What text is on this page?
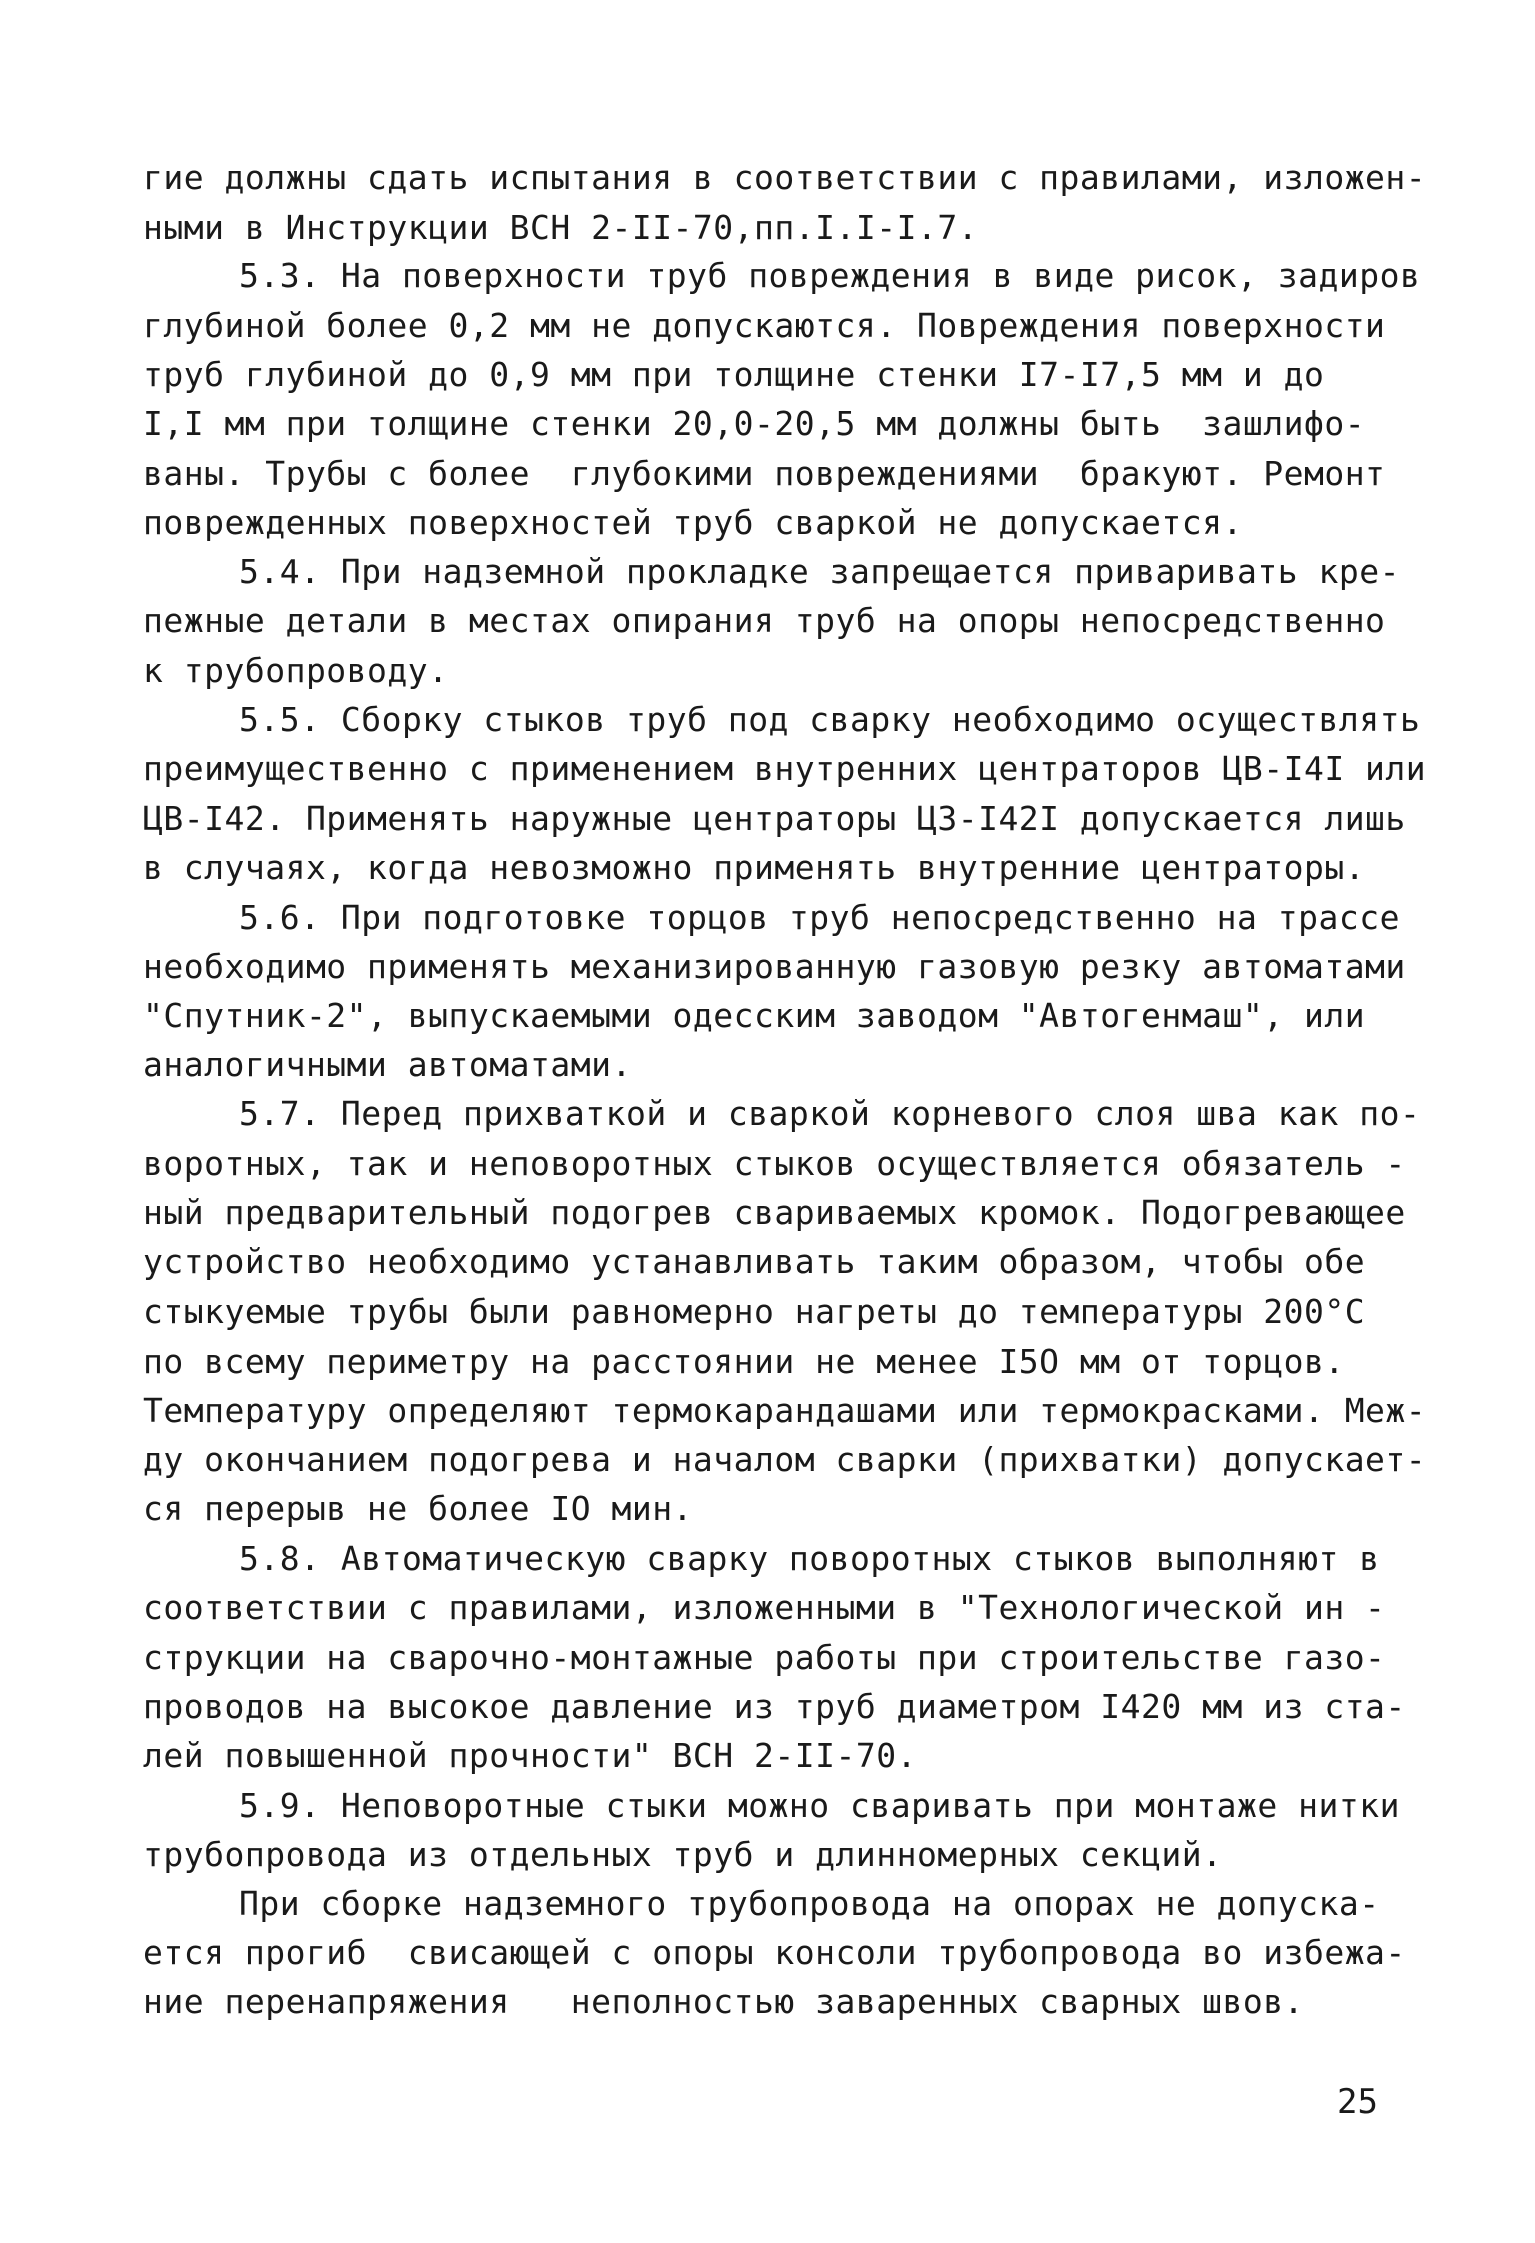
гие должны сдать испытания в соответствии с правилами, изложен-
ными в Инструкции ВСН 2-II-70,пп.I.I-I.7.
5.3. На поверхности труб повреждения в виде рисок, задиров
глубиной более 0,2 мм не допускаются. Повреждения поверхности
труб глубиной до 0,9 мм при толщине стенки I7-I7,5 мм и до
I,I мм при толщине стенки 20,0-20,5 мм должны быть  зашлифо-
ваны. Трубы с более  глубокими повреждениями  бракуют. Ремонт
поврежденных поверхностей труб сваркой не допускается.
5.4. При надземной прокладке запрещается приваривать кре-
пежные детали в местах опирания труб на опоры непосредственно
к трубопроводу.
5.5. Сборку стыков труб под сварку необходимо осуществлять
преимущественно с применением внутренних центраторов ЦВ-I4I или
ЦВ-I42. Применять наружные центраторы ЦЗ-I42I допускается лишь
в случаях, когда невозможно применять внутренние центраторы.
5.6. При подготовке торцов труб непосредственно на трассе
необходимо применять механизированную газовую резку автоматами
"Спутник-2", выпускаемыми одесским заводом "Автогенмаш", или
аналогичными автоматами.
5.7. Перед прихваткой и сваркой корневого слоя шва как по-
воротных, так и неповоротных стыков осуществляется обязатель -
ный предварительный подогрев свариваемых кромок. Подогревающее
устройство необходимо устанавливать таким образом, чтобы обе
стыкуемые трубы были равномерно нагреты до температуры 200°С
по всему периметру на расстоянии не менее I5О мм от торцов.
Температуру определяют термокарандашами или термокрасками. Меж-
ду окончанием подогрева и началом сварки (прихватки) допускает-
ся перерыв не более IO мин.
5.8. Автоматическую сварку поворотных стыков выполняют в
соответствии с правилами, изложенными в "Технологической ин -
струкции на сварочно-монтажные работы при строительстве газо-
проводов на высокое давление из труб диаметром I420 мм из ста-
лей повышенной прочности" ВСН 2-II-70.
5.9. Неповоротные стыки можно сваривать при монтаже нитки
трубопровода из отдельных труб и длинномерных секций.
При сборке надземного трубопровода на опорах не допуска-
ется прогиб  свисающей с опоры консоли трубопровода во избежа-
ние перенапряжения   неполностью заваренных сварных швов.
25
